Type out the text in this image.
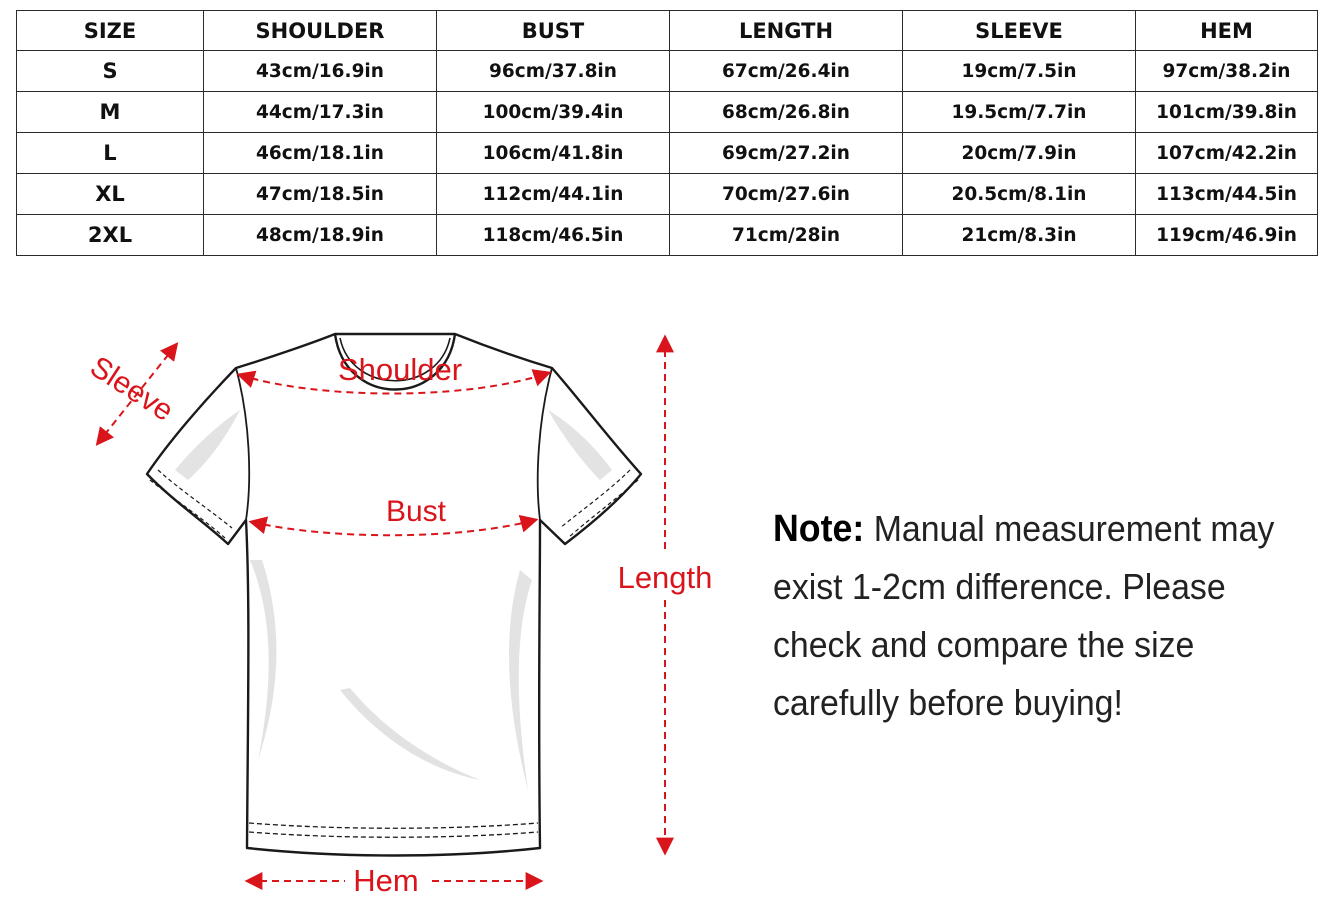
SIZE	SHOULDER	BUST	LENGTH	SLEEVE	HEM
S	43cm/16.9in	96cm/37.8in	67cm/26.4in	19cm/7.5in	97cm/38.2in
M	44cm/17.3in	100cm/39.4in	68cm/26.8in	19.5cm/7.7in	101cm/39.8in
L	46cm/18.1in	106cm/41.8in	69cm/27.2in	20cm/7.9in	107cm/42.2in
XL	47cm/18.5in	112cm/44.1in	70cm/27.6in	20.5cm/8.1in	113cm/44.5in
2XL	48cm/18.9in	118cm/46.5in	71cm/28in	21cm/8.3in	119cm/46.9in
Sleeve	Shoulder
Bust
Length
Hem

Note: Manual measurement may exist 1-2cm difference. Please check and compare the size carefully before buying!
